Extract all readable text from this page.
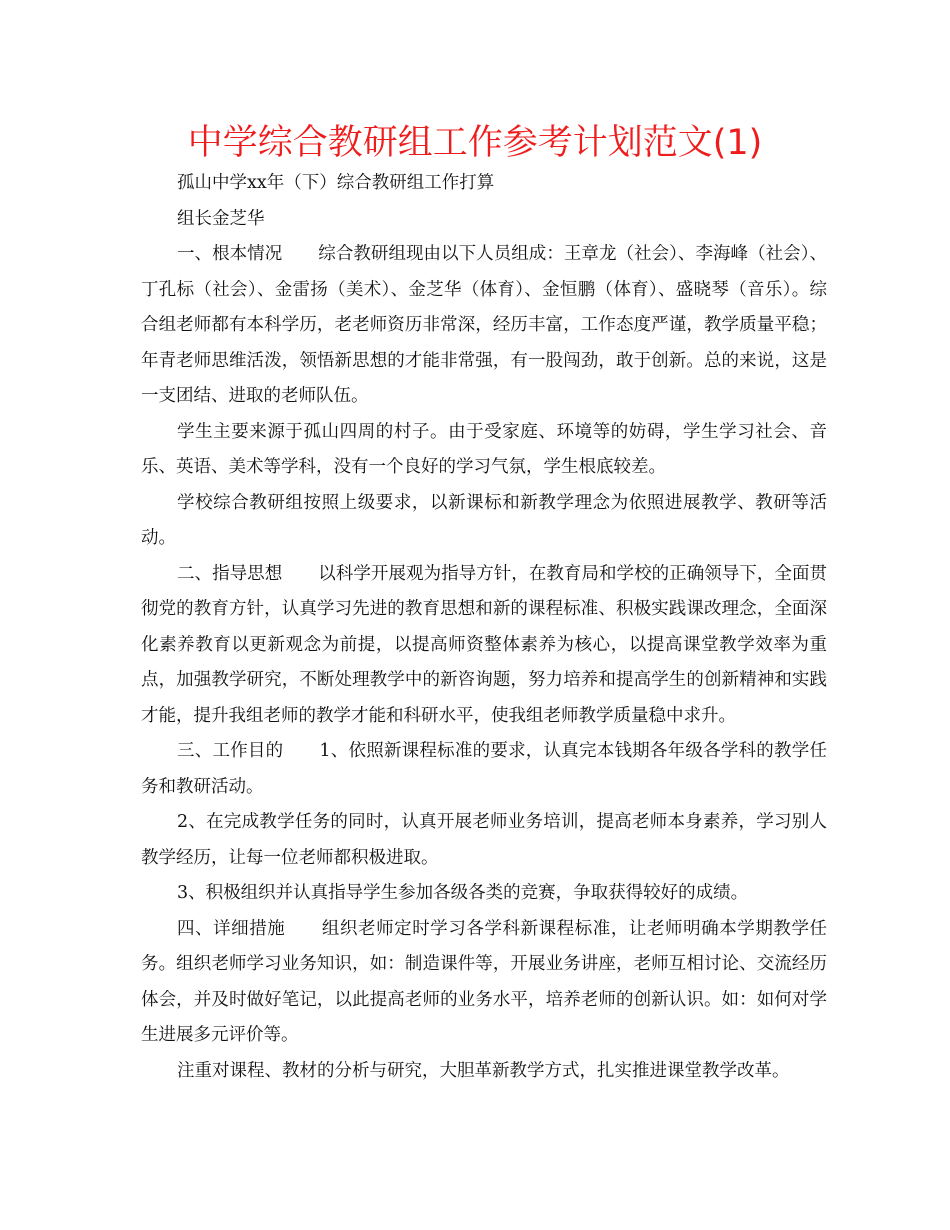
中学综合教研组工作参考计划范文(1)

孤山中学xx年（下）综合教研组工作打算

组长金芝华

一、根本情况 综合教研组现由以下人员组成：王章龙（社会）、李海峰（社会）、丁孔标（社会）、金雷扬（美术）、金芝华（体育）、金恒鹏（体育）、盛晓琴（音乐）。综合组老师都有本科学历，老老师资历非常深，经历丰富，工作态度严谨，教学质量平稳；年青老师思维活泼，领悟新思想的才能非常强，有一股闯劲，敢于创新。总的来说，这是一支团结、进取的老师队伍。

学生主要来源于孤山四周的村子。由于受家庭、环境等的妨碍，学生学习社会、音乐、英语、美术等学科，没有一个良好的学习气氛，学生根底较差。

学校综合教研组按照上级要求，以新课标和新教学理念为依照进展教学、教研等活动。

二、指导思想 以科学开展观为指导方针，在教育局和学校的正确领导下，全面贯彻党的教育方针，认真学习先进的教育思想和新的课程标准、积极实践课改理念，全面深化素养教育以更新观念为前提，以提高师资整体素养为核心，以提高课堂教学效率为重点，加强教学研究，不断处理教学中的新咨询题，努力培养和提高学生的创新精神和实践才能，提升我组老师的教学才能和科研水平，使我组老师教学质量稳中求升。

三、工作目的 1、依照新课程标准的要求，认真完本钱期各年级各学科的教学任务和教研活动。

2、在完成教学任务的同时，认真开展老师业务培训，提高老师本身素养，学习别人教学经历，让每一位老师都积极进取。

3、积极组织并认真指导学生参加各级各类的竞赛，争取获得较好的成绩。

四、详细措施 组织老师定时学习各学科新课程标准，让老师明确本学期教学任务。组织老师学习业务知识，如：制造课件等，开展业务讲座，老师互相讨论、交流经历体会，并及时做好笔记，以此提高老师的业务水平，培养老师的创新认识。如：如何对学生进展多元评价等。

注重对课程、教材的分析与研究，大胆革新教学方式，扎实推进课堂教学改革。
